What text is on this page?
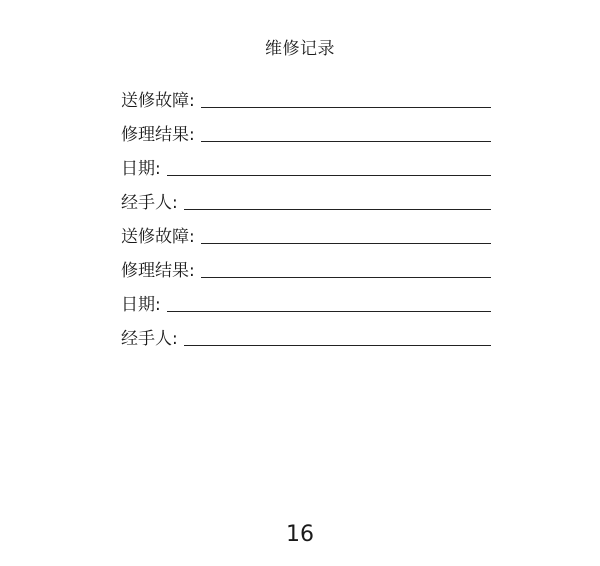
维修记录
送修故障:
修理结果:
日期:
经手人:
送修故障:
修理结果:
日期:
经手人:
16
